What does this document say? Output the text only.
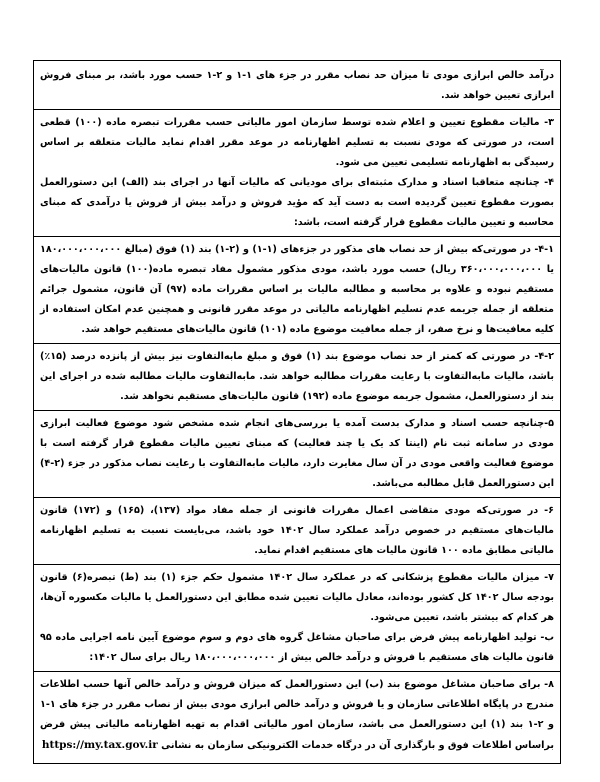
درآمد خالص ابرازی مودی تا میزان حد نصاب مقرر در جزء های ۱-۱ و ۲-۱ حسب مورد باشد، بر مبنای فروش ابرازی تعیین خواهد شد.

۳- مالیات مقطوع تعیین و اعلام شده توسط سازمان امور مالیاتی حسب مقررات تبصره ماده (۱۰۰) قطعی است، در صورتی که مودی نسبت به تسلیم اظهارنامه در موعد مقرر اقدام نماید مالیات متعلقه بر اساس رسیدگی به اظهارنامه تسلیمی تعیین می شود.

۴- چنانچه متعاقبا اسناد و مدارک مثبته‌ای برای مودیانی که مالیات آنها در اجرای بند (الف) این دستورالعمل بصورت مقطوع تعیین گردیده است به دست آید که مؤید فروش و درآمد بیش از فروش یا درآمدی که مبنای محاسبه و تعیین مالیات مقطوع قرار گرفته است، باشد:

۴-۱- در صورتی‌که بیش از حد نصاب های مذکور در جزءهای (۱-۱) و (۲-۱) بند (۱) فوق (مبالغ ۱۸۰،۰۰۰،۰۰۰،۰۰۰ یا ۳۶۰،۰۰۰،۰۰۰،۰۰۰ ریال) حسب مورد باشد، مودی مذکور مشمول مفاد تبصره ماده(۱۰۰) قانون مالیات‌های مستقیم نبوده و علاوه بر محاسبه و مطالبه مالیات بر اساس مقررات ماده (۹۷) آن قانون، مشمول جرائم متعلقه از جمله جریمه عدم تسلیم اظهارنامه مالیاتی در موعد مقرر قانونی و همچنین عدم امکان استفاده از کلیه معافیت‌ها و نرخ صفر، از جمله معافیت موضوع ماده (۱۰۱) قانون مالیات‌های مستقیم خواهد شد.

۴-۲- در صورتی که کمتر از حد نصاب موضوع بند (۱) فوق و مبلغ مابه‌التفاوت نیز بیش از پانزده درصد (۱۵٪) باشد، مالیات مابه‌التفاوت با رعایت مقررات مطالبه خواهد شد. مابه‌التفاوت مالیات مطالبه شده در اجرای این بند از دستورالعمل، مشمول جریمه موضوع ماده (۱۹۲) قانون مالیات‌های مستقیم نخواهد شد.

۵-چنانچه حسب اسناد و مدارک بدست آمده یا بررسی‌های انجام شده مشخص شود موضوع فعالیت ابرازی مودی در سامانه ثبت نام (اینتا کد یک یا چند فعالیت) که مبنای تعیین مالیات مقطوع قرار گرفته است با موضوع فعالیت واقعی مودی در آن سال مغایرت دارد، مالیات مابه‌التفاوت با رعایت نصاب مذکور در جزء (۲-۴) این دستورالعمل قابل مطالبه می‌باشد.

۶- در صورتی‌که مودی متقاضی اعمال مقررات قانونی از جمله مفاد مواد (۱۳۷)، (۱۶۵) و (۱۷۲) قانون مالیات‌های مستقیم در خصوص درآمد عملکرد سال ۱۴۰۲ خود باشد، می‌بایست نسبت به تسلیم اظهارنامه مالیاتی مطابق ماده ۱۰۰ قانون مالیات های مستقیم اقدام نماید.

۷- میزان مالیات مقطوع پزشکانی که در عملکرد سال ۱۴۰۲ مشمول حکم جزء (۱) بند (ط) تبصره(۶) قانون بودجه سال ۱۴۰۲ کل کشور بوده‌اند، معادل مالیات تعیین شده مطابق این دستورالعمل یا مالیات مکسوره آن‌ها، هر کدام که بیشتر باشد، تعیین می‌شود.

ب- تولید اظهارنامه پیش فرض برای صاحبان مشاغل گروه های دوم و سوم موضوع آیین نامه اجرایی ماده ۹۵ قانون مالیات های مستقیم با فروش و درآمد خالص بیش از ۱۸۰،۰۰۰،۰۰۰،۰۰۰ ریال برای سال ۱۴۰۲:

۸- برای صاحبان مشاغل موضوع بند (ب) این دستورالعمل که میزان فروش و درآمد خالص آنها حسب اطلاعات مندرج در پایگاه اطلاعاتی سازمان و یا فروش و درآمد خالص ابرازی مودی بیش از نصاب مقرر در جزء های ۱-۱ و ۲-۱ بند (۱) این دستورالعمل می باشد، سازمان امور مالیاتی اقدام به تهیه اظهارنامه مالیاتی پیش فرض براساس اطلاعات فوق و بارگذاری آن در درگاه خدمات الکترونیکی سازمان به نشانی https://my.tax.gov.ir
